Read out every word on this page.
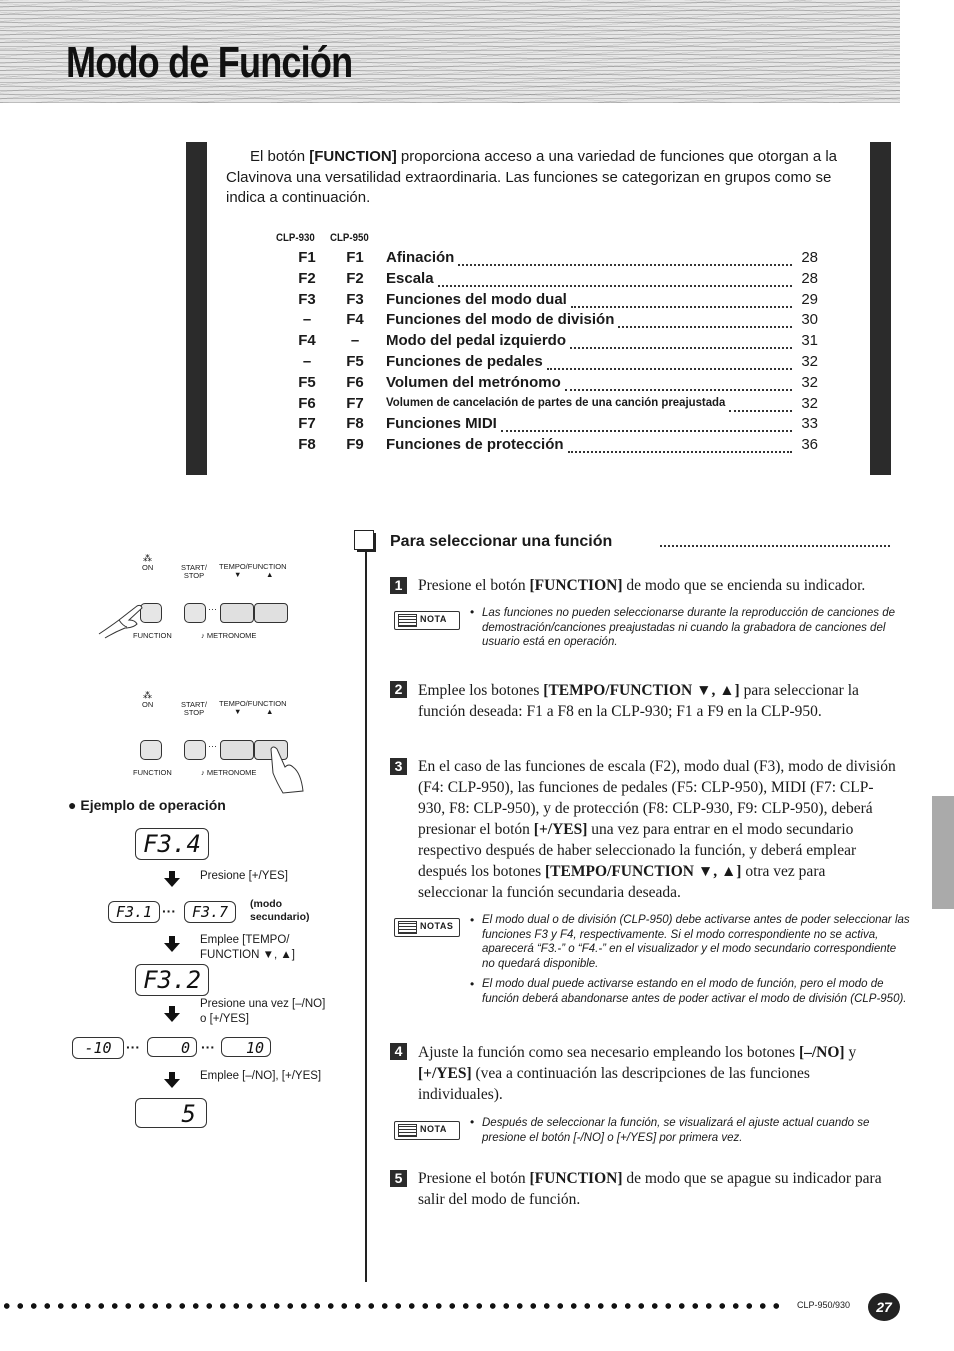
Modo de Función
El botón [FUNCTION] proporciona acceso a una variedad de funciones que otorgan a la Clavinova una versatilidad extraordinaria. Las funciones se categorizan en grupos como se indica a continuación.
CLP-930 CLP-950
F1 F1 Afinación	28
F2 F2 Escala	28
F3 F3 Funciones del modo dual	29
–	F4 Funciones del modo de división	30
F4	–	Modo del pedal izquierdo	31
–	F5 Funciones de pedales	32
F5 F6 Volumen del metrónomo	32
F6 F7 Volumen de cancelación de partes de una canción preajustada	32
F7 F8 Funciones MIDI	33
F8 F9 Funciones de protección	36
⁂
ON	START/
STOP
TEMPO/FUNCTION
▼	▲
···
FUNCTION	♪ METRONOME
⁂
ON	START/
STOP
TEMPO/FUNCTION
▼	▲
···
FUNCTION	♪ METRONOME
● Ejemplo de operación
F3.4
Presione [+/YES]
F3.1 ···	F3.7	(modo
secundario)
Emplee [TEMPO/
FUNCTION ▼, ▲]
F3.2
Presione una vez [–/NO]
o [+/YES]
-10	···	0 ···	10
Emplee [–/NO], [+/YES]
5
Para seleccionar una función
1 Presione el botón [FUNCTION] de modo que se encienda su indicador.
NOTA • Las funciones no pueden seleccionarse durante la reproducción de canciones de demostración/canciones preajustadas ni cuando la grabadora de canciones del usuario está en operación.
2 Emplee los botones [TEMPO/FUNCTION ▼, ▲] para seleccionar la función deseada: F1 a F8 en la CLP-930; F1 a F9 en la CLP-950.
3 En el caso de las funciones de escala (F2), modo dual (F3), modo de división (F4: CLP-950), las funciones de pedales (F5: CLP-950), MIDI (F7: CLP-930, F8: CLP-950), y de protección (F8: CLP-930, F9: CLP-950), deberá presionar el botón [+/YES] una vez para entrar en el modo secundario respectivo después de haber seleccionado la función, y deberá emplear después los botones [TEMPO/FUNCTION ▼, ▲] otra vez para seleccionar la función secundaria deseada.
NOTAS • El modo dual o de división (CLP-950) debe activarse antes de poder seleccionar las funciones F3 y F4, respectivamente. Si el modo correspondiente no se activa, aparecerá “F3.-” o “F4.-” en el visualizador y el modo secundario correspondiente no quedará disponible.
• El modo dual puede activarse estando en el modo de función, pero el modo de función deberá abandonarse antes de poder activar el modo de división (CLP-950).
4 Ajuste la función como sea necesario empleando los botones [–/NO] y [+/YES] (vea a continuación las descripciones de las funciones individuales).
NOTA • Después de seleccionar la función, se visualizará el ajuste actual cuando se presione el botón [-/NO] o [+/YES] por primera vez.
5 Presione el botón [FUNCTION] de modo que se apague su indicador para salir del modo de función.
CLP-950/930	27
